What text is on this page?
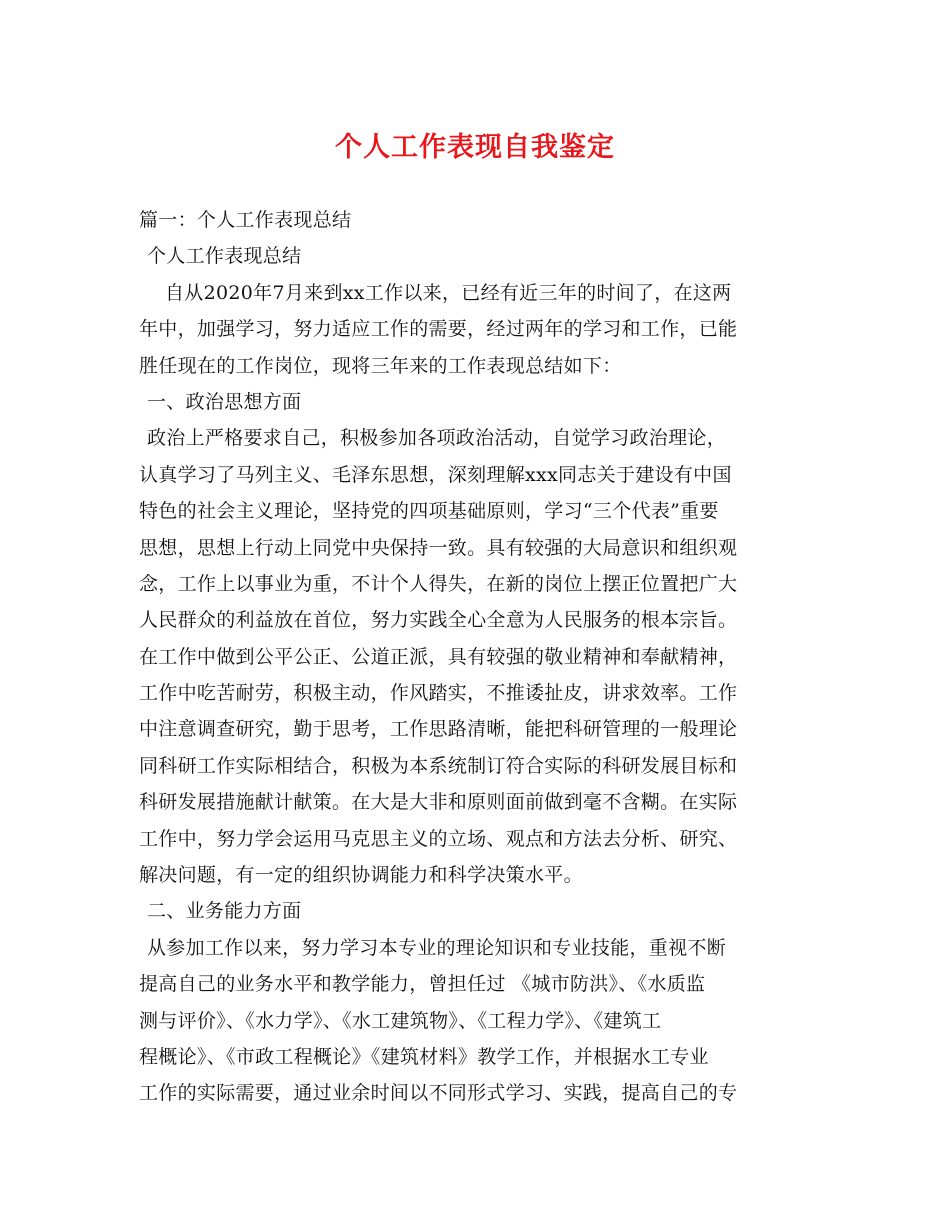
个人工作表现自我鉴定
篇一：个人工作表现总结
个人工作表现总结
自从2020年7月来到xx工作以来，已经有近三年的时间了，在这两
年中，加强学习，努力适应工作的需要，经过两年的学习和工作，已能
胜任现在的工作岗位，现将三年来的工作表现总结如下：
一、政治思想方面
政治上严格要求自己，积极参加各项政治活动，自觉学习政治理论，
认真学习了马列主义、毛泽东思想，深刻理解xxx同志关于建设有中国
特色的社会主义理论，坚持党的四项基础原则，学习“三个代表”重要
思想，思想上行动上同党中央保持一致。具有较强的大局意识和组织观
念，工作上以事业为重，不计个人得失，在新的岗位上摆正位置把广大
人民群众的利益放在首位，努力实践全心全意为人民服务的根本宗旨。
在工作中做到公平公正、公道正派，具有较强的敬业精神和奉献精神，
工作中吃苦耐劳，积极主动，作风踏实，不推诿扯皮，讲求效率。工作
中注意调查研究，勤于思考，工作思路清晰，能把科研管理的一般理论
同科研工作实际相结合，积极为本系统制订符合实际的科研发展目标和
科研发展措施献计献策。在大是大非和原则面前做到毫不含糊。在实际
工作中，努力学会运用马克思主义的立场、观点和方法去分析、研究、
解决问题，有一定的组织协调能力和科学决策水平。
二、业务能力方面
从参加工作以来，努力学习本专业的理论知识和专业技能，重视不断
提高自己的业务水平和教学能力，曾担任过 《城市防洪》、《水质监
测与评价》、《水力学》、《水工建筑物》、《工程力学》、《建筑工
程概论》、《市政工程概论》《建筑材料》教学工作，并根据水工专业
工作的实际需要，通过业余时间以不同形式学习、实践，提高自己的专
